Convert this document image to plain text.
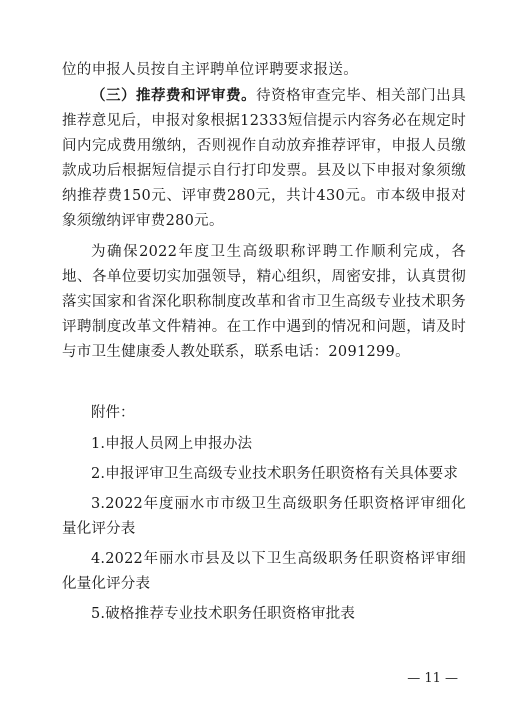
位的申报人员按自主评聘单位评聘要求报送。

（三）推荐费和评审费。待资格审查完毕、相关部门出具推荐意见后，申报对象根据12333短信提示内容务必在规定时间内完成费用缴纳，否则视作自动放弃推荐评审，申报人员缴款成功后根据短信提示自行打印发票。县及以下申报对象须缴纳推荐费150元、评审费280元，共计430元。市本级申报对象须缴纳评审费280元。

为确保2022年度卫生高级职称评聘工作顺利完成，各地、各单位要切实加强领导，精心组织，周密安排，认真贯彻落实国家和省深化职称制度改革和省市卫生高级专业技术职务评聘制度改革文件精神。在工作中遇到的情况和问题，请及时与市卫生健康委人教处联系，联系电话：2091299。

附件：

1.申报人员网上申报办法
2.申报评审卫生高级专业技术职务任职资格有关具体要求
3.2022年度丽水市市级卫生高级职务任职资格评审细化量化评分表
4.2022年丽水市县及以下卫生高级职务任职资格评审细化量化评分表
5.破格推荐专业技术职务任职资格审批表
— 11 —
